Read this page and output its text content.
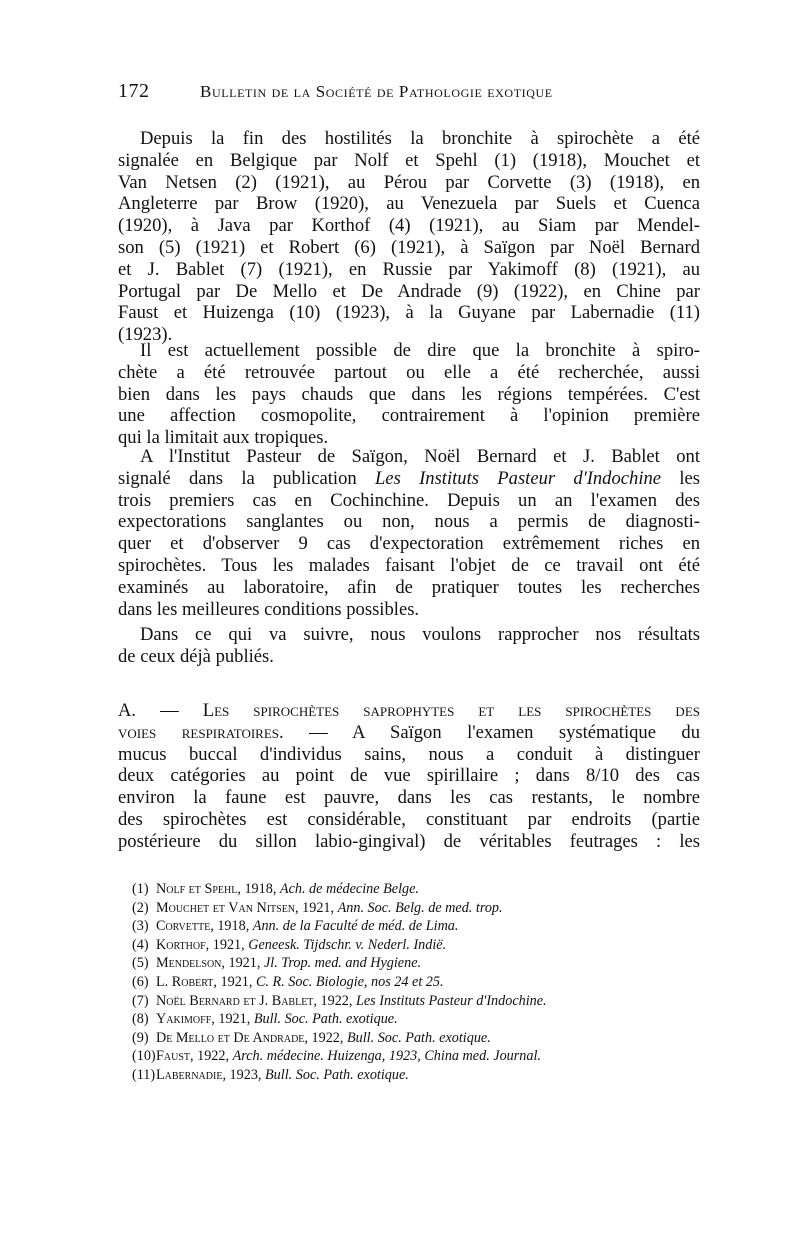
172	Bulletin de la Société de Pathologie exotique
Depuis la fin des hostilités la bronchite à spirochète a été
signalée en Belgique par Nolf et Spehl (1) (1918), Mouchet et
Van Netsen (2) (1921), au Pérou par Corvette (3) (1918), en
Angleterre par Brow (1920), au Venezuela par Suels et Cuenca
(1920), à Java par Korthof (4) (1921), au Siam par Mendel-
son (5) (1921) et Robert (6) (1921), à Saïgon par Noël Bernard
et J. Bablet (7) (1921), en Russie par Yakimoff (8) (1921), au
Portugal par De Mello et De Andrade (9) (1922), en Chine par
Faust et Huizenga (10) (1923), à la Guyane par Labernadie (11)
(1923).
Il est actuellement possible de dire que la bronchite à spiro-
chète a été retrouvée partout ou elle a été recherchée, aussi
bien dans les pays chauds que dans les régions tempérées. C'est
une affection cosmopolite, contrairement à l'opinion première
qui la limitait aux tropiques.
A l'Institut Pasteur de Saïgon, Noël Bernard et J. Bablet ont
signalé dans la publication Les Instituts Pasteur d'Indochine les
trois premiers cas en Cochinchine. Depuis un an l'examen des
expectorations sanglantes ou non, nous a permis de diagnosti-
quer et d'observer 9 cas d'expectoration extrêmement riches en
spirochètes. Tous les malades faisant l'objet de ce travail ont été
examinés au laboratoire, afin de pratiquer toutes les recherches
dans les meilleures conditions possibles.
Dans ce qui va suivre, nous voulons rapprocher nos résultats
de ceux déjà publiés.
A. — Les spirochètes saprophytes et les spirochètes des
voies respiratoires. — A Saïgon l'examen systématique du
mucus buccal d'individus sains, nous a conduit à distinguer
deux catégories au point de vue spirillaire ; dans 8/10 des cas
environ la faune est pauvre, dans les cas restants, le nombre
des spirochètes est considérable, constituant par endroits (partie
postérieure du sillon labio-gingival) de véritables feutrages : les
(1) Nolf et Spehl, 1918, Ach. de médecine Belge.
(2) Mouchet et Van Nitsen, 1921, Ann. Soc. Belg. de med. trop.
(3) Corvette, 1918, Ann. de la Faculté de méd. de Lima.
(4) Korthof, 1921, Geneesk. Tijdschr. v. Nederl. Indië.
(5) Mendelson, 1921, Jl. Trop. med. and Hygiene.
(6) L. Robert, 1921, C. R. Soc. Biologie, nos 24 et 25.
(7) Noël Bernard et J. Bablet, 1922, Les Instituts Pasteur d'Indochine.
(8) Yakimoff, 1921, Bull. Soc. Path. exotique.
(9) De Mello et De Andrade, 1922, Bull. Soc. Path. exotique.
(10)Faust, 1922, Arch. médecine. Huizenga, 1923, China med. Journal.
(11)Labernadie, 1923, Bull. Soc. Path. exotique.
